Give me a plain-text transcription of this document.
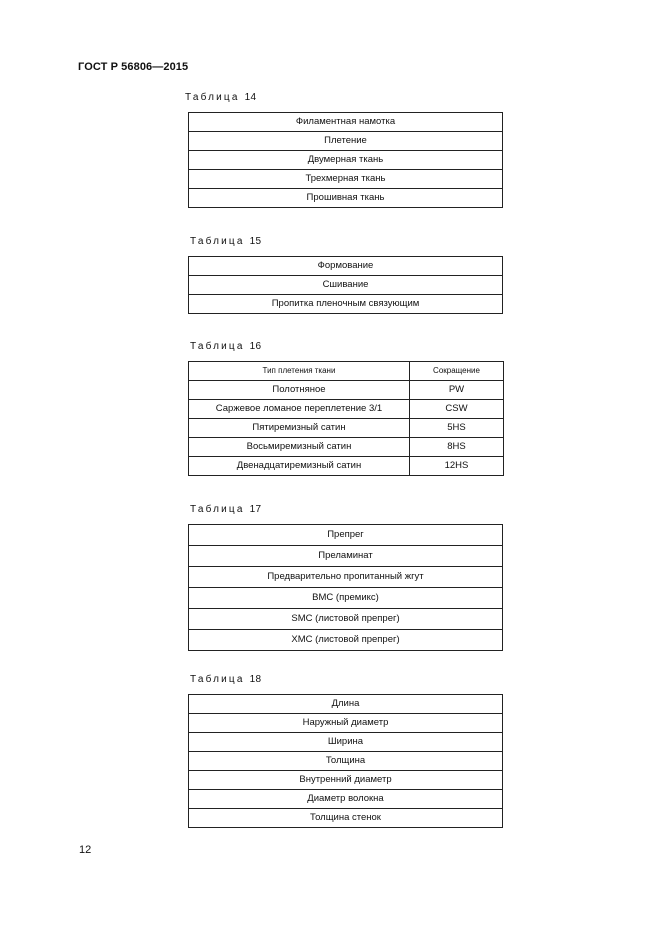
ГОСТ Р 56806—2015
Таблица 14
Филаментная намотка
Плетение
Двумерная ткань
Трехмерная ткань
Прошивная ткань
Таблица 15
Формование
Сшивание
Пропитка пленочным связующим
Таблица 16
Тип плетения ткани	Сокращение
Полотняное	PW
Саржевое ломаное переплетение 3/1	CSW
Пятиремизный сатин	5HS
Восьмиремизный сатин	8HS
Двенадцатиремизный сатин	12HS
Таблица 17
Препрег
Преламинат
Предварительно пропитанный жгут
ВМС (премикс)
SMC (листовой препрег)
ХМС (листовой препрег)
Таблица 18
Длина
Наружный диаметр
Ширина
Толщина
Внутренний диаметр
Диаметр волокна
Толщина стенок
12
